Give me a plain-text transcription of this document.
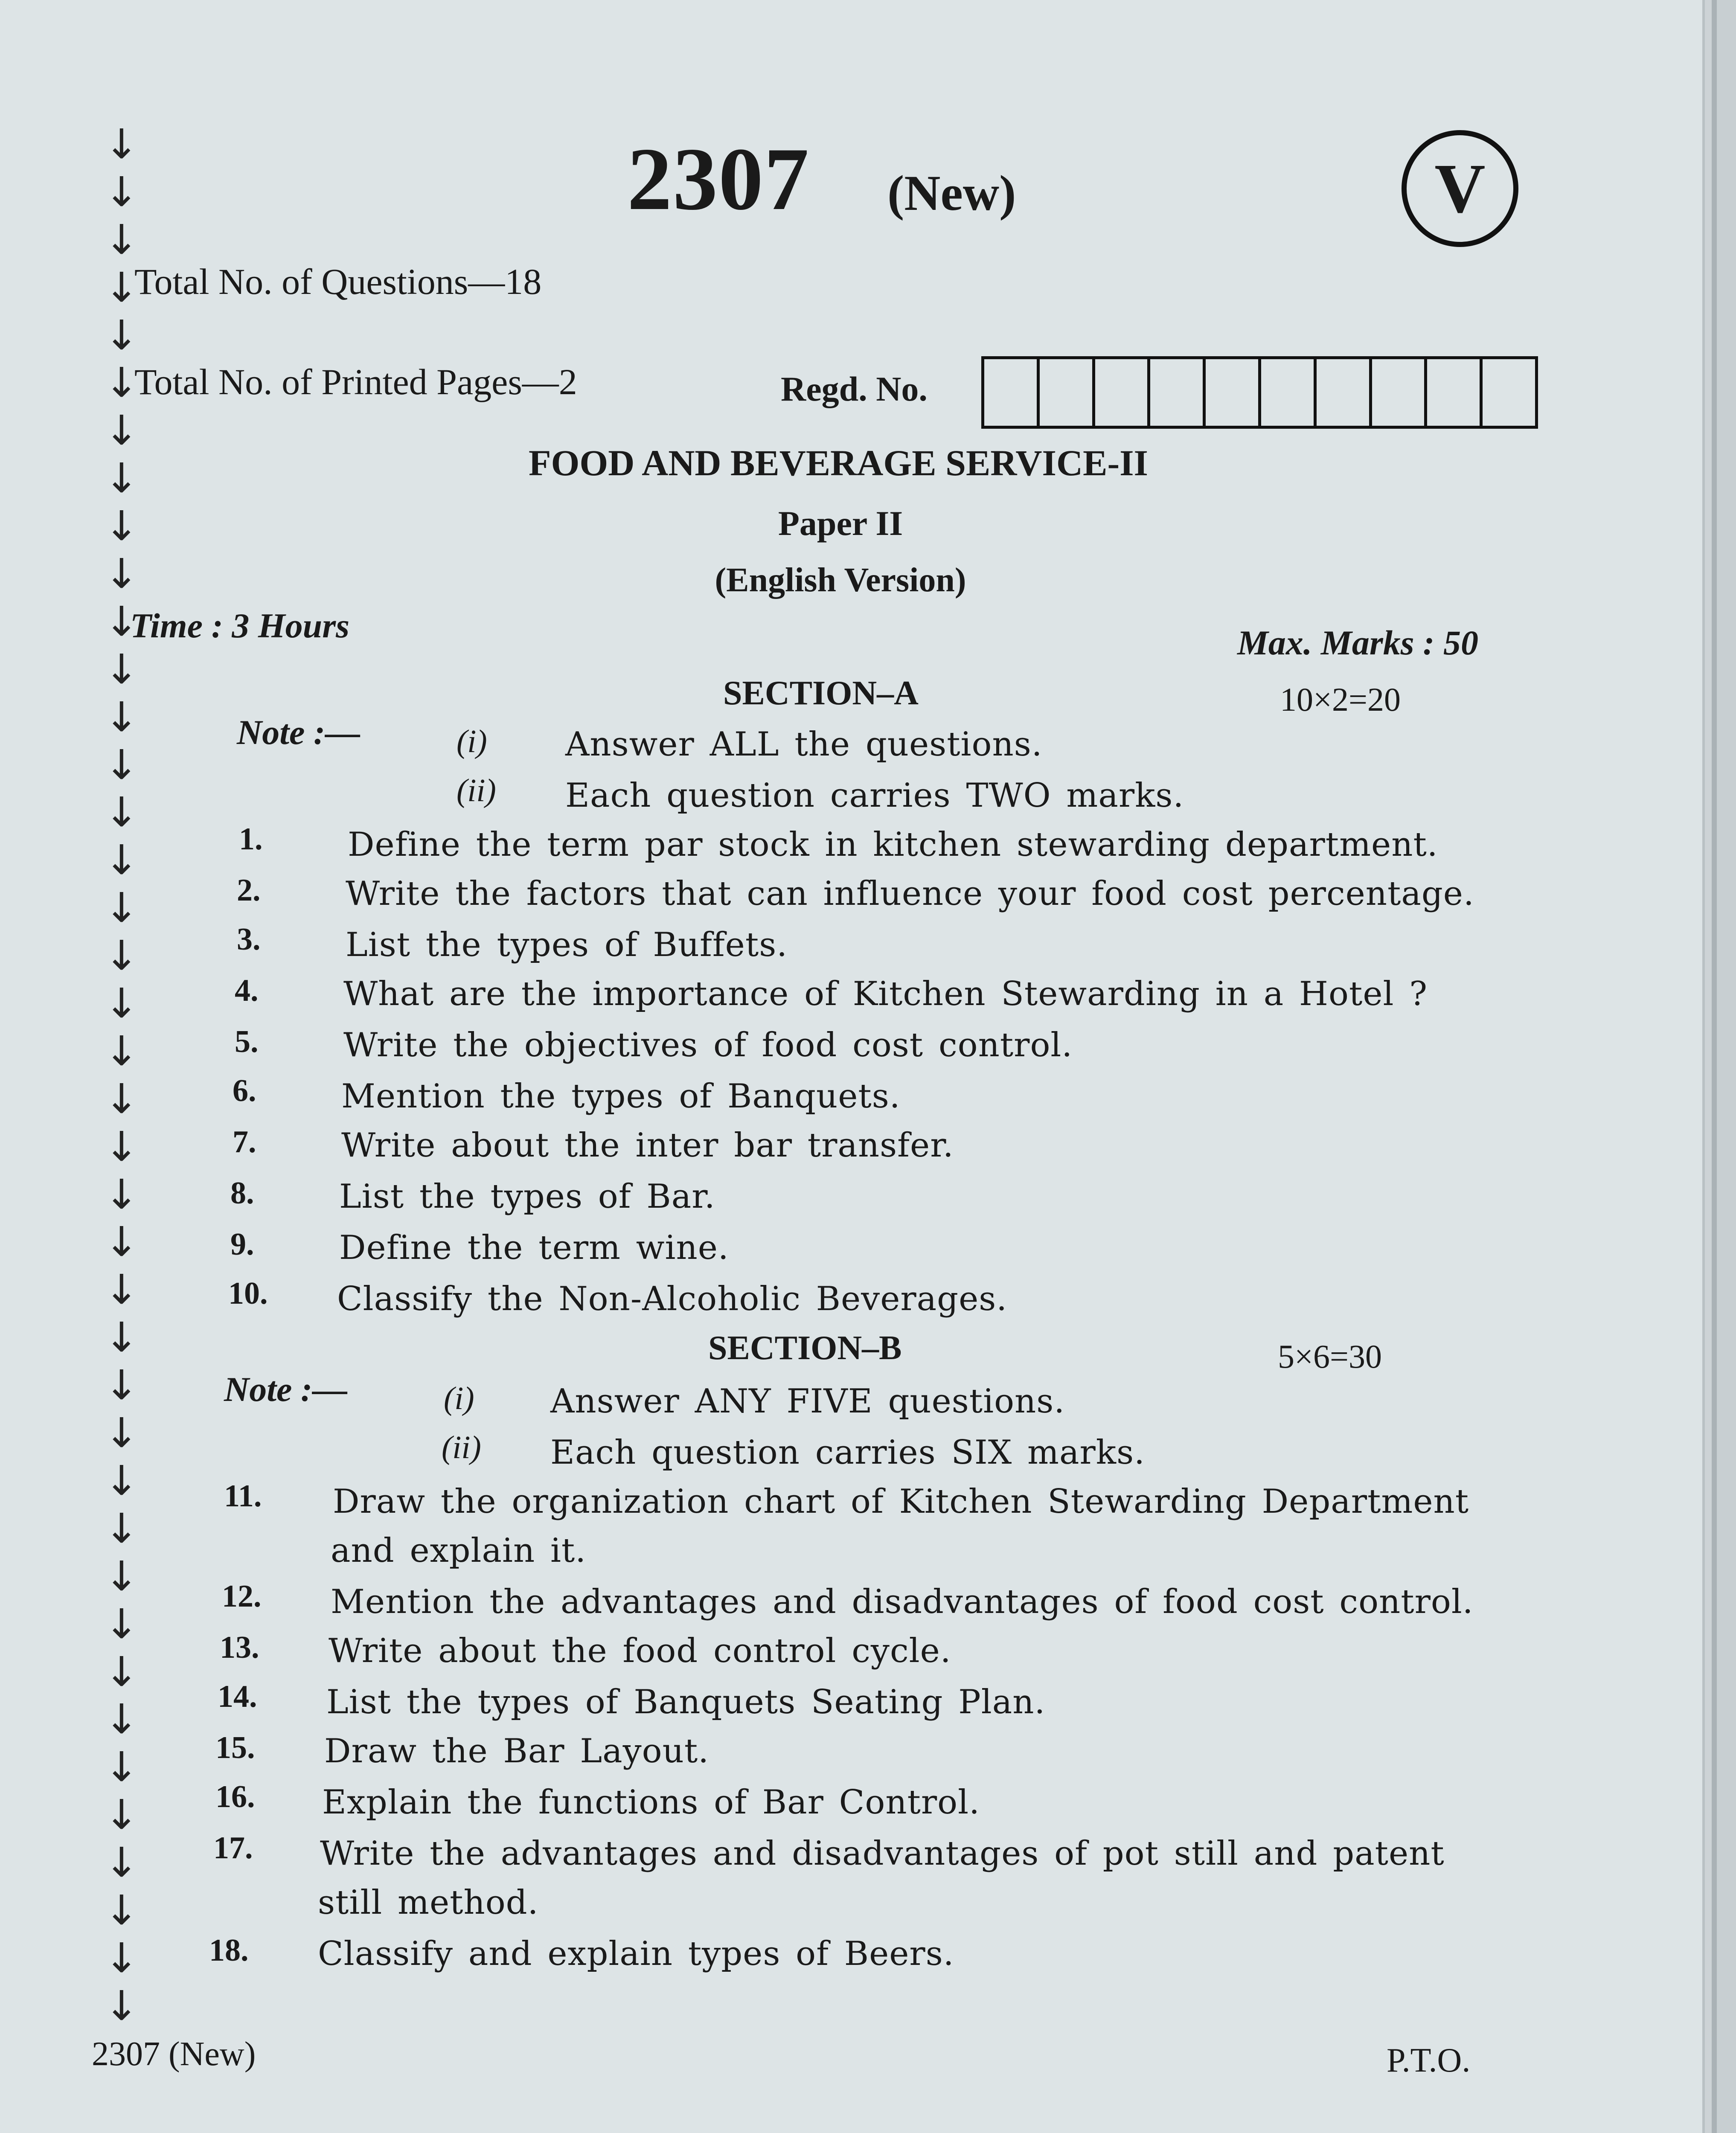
↓
↓
↓
↓
↓
↓
↓
↓
↓
↓
↓
↓
↓
↓
↓
↓
↓
↓
↓
↓
↓
↓
↓
↓
↓
↓
↓
↓
↓
↓
↓
↓
↓
↓
↓
↓
↓
↓
↓
↓
2307 (New)	V
Total No. of Questions—18
Total No. of Printed Pages—2	Regd. No.
FOOD AND BEVERAGE SERVICE-II
Paper II
(English Version)
Time : 3 Hours	Max. Marks : 50
SECTION–A	10×2=20
Note :—	(i) Answer ALL the questions.
(ii) Each question carries TWO marks.
1.	Define the term par stock in kitchen stewarding department.
2.	Write the factors that can influence your food cost percentage.
3.	List the types of Buffets.
4.	What are the importance of Kitchen Stewarding in a Hotel ?
5.	Write the objectives of food cost control.
6.	Mention the types of Banquets.
7.	Write about the inter bar transfer.
8.	List the types of Bar.
9.	Define the term wine.
10. Classify the Non-Alcoholic Beverages.
SECTION–B	5×6=30
Note :—	(i) Answer ANY FIVE questions.
(ii) Each question carries SIX marks.
11. Draw the organization chart of Kitchen Stewarding Department
and explain it.
12. Mention the advantages and disadvantages of food cost control.
13. Write about the food control cycle.
14. List the types of Banquets Seating Plan.
15. Draw the Bar Layout.
16. Explain the functions of Bar Control.
17. Write the advantages and disadvantages of pot still and patent
still method.
18. Classify and explain types of Beers.
2307 (New)	P.T.O.
